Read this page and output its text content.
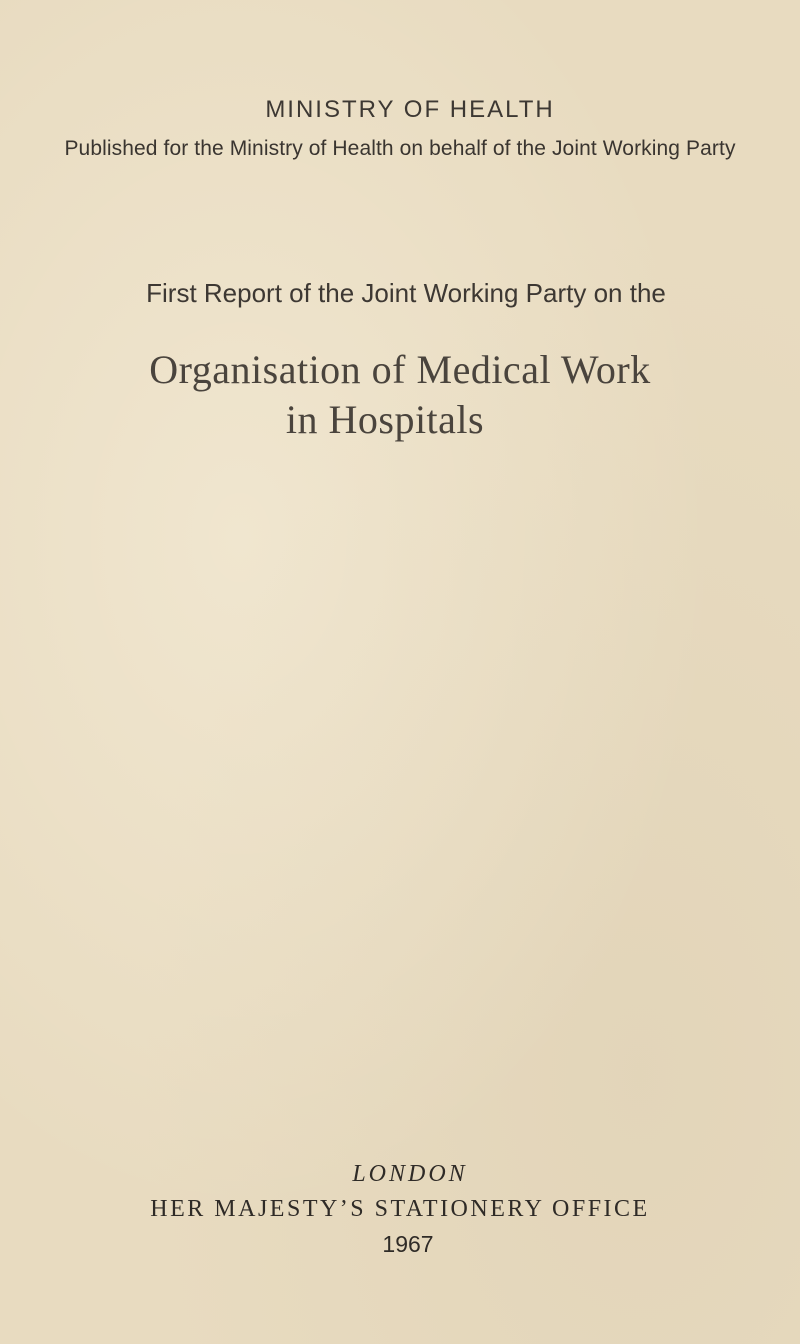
MINISTRY OF HEALTH
Published for the Ministry of Health on behalf of the Joint Working Party
First Report of the Joint Working Party on the
Organisation of Medical Work
in Hospitals
LONDON
HER MAJESTY’S STATIONERY OFFICE
1967
